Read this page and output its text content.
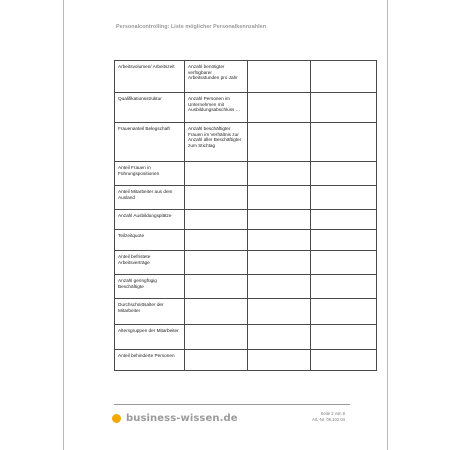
Personalcontrolling: Liste möglicher Personalkennzahlen
Arbeitsvolumen/ Arbeitszeit	Anzahl benötigter verfügbarer Arbeitsstunden pro Jahr		
Qualifikationsstruktur	Anzahl Personen im Unternehmen mit Ausbildungsabschluss …		
Frauenanteil Belegschaft	Anzahl beschäftigter Frauen im Verhältnis zur Anzahl aller Beschäftigter zum Stichtag		
Anteil Frauen in Führungspositionen			
Anteil Mitarbeiter aus dem Ausland			
Anzahl Ausbildungsplätze			
Teilzeitquote			
Anteil befristete Arbeitsverträge			
Anzahl geringfügig Beschäftigte			
Durchschnittsalter der Mitarbeiter			
Altersgruppen der Mitarbeiter			
Anteil behinderte Personen			
business-wissen.de	Seite 2 von 8
Art.-Nr. 06.102.04
